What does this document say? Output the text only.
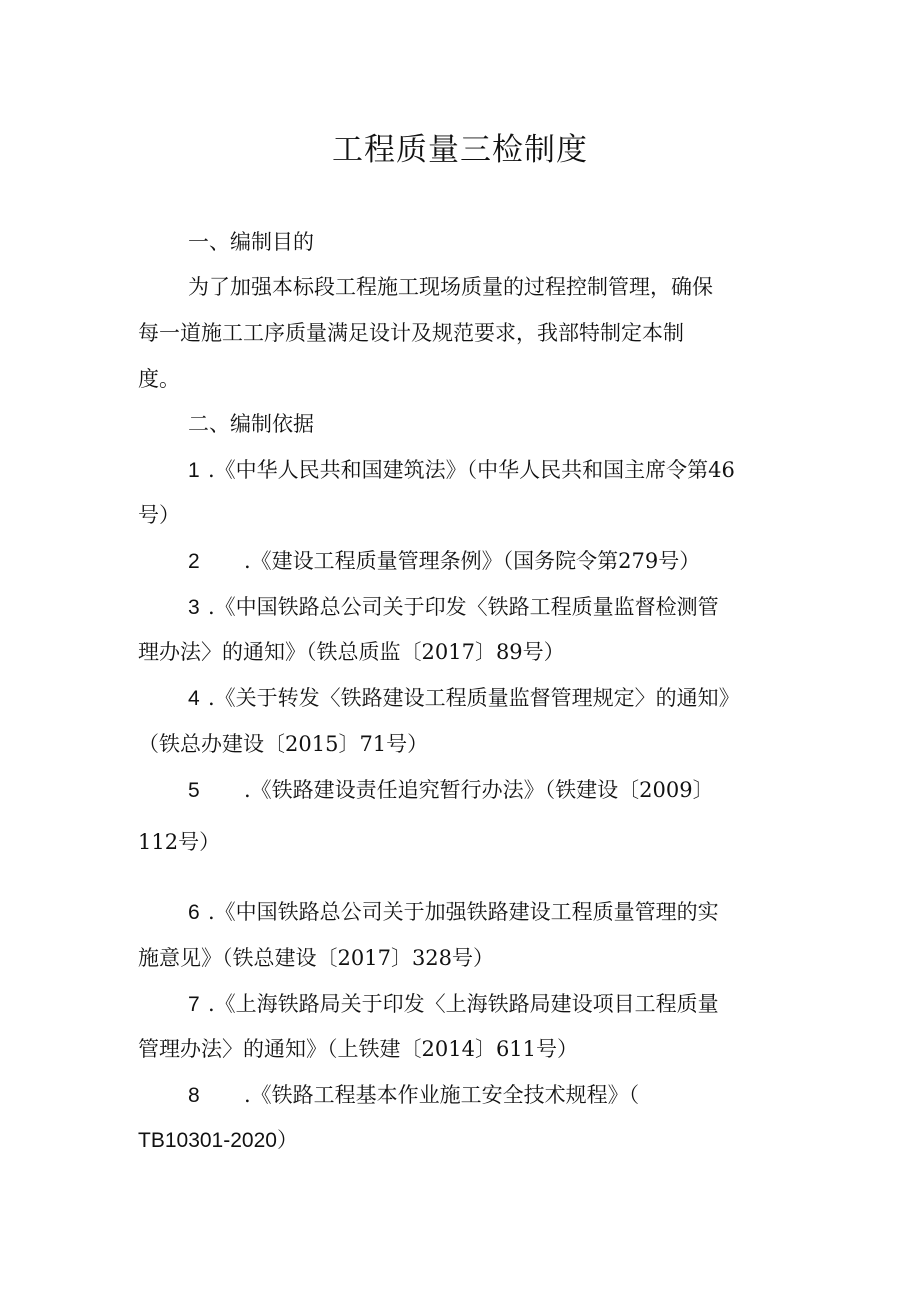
工程质量三检制度
一、编制目的
为了加强本标段工程施工现场质量的过程控制管理，确保
每一道施工工序质量满足设计及规范要求，我部特制定本制
度。
二、编制依据
1 .《中华人民共和国建筑法》（中华人民共和国主席令第46
号）
2 .《建设工程质量管理条例》（国务院令第279号）
3 .《中国铁路总公司关于印发〈铁路工程质量监督检测管
理办法〉的通知》（铁总质监〔2017〕89号）
4 .《关于转发〈铁路建设工程质量监督管理规定〉的通知》
（铁总办建设〔2015〕71号）
5 .《铁路建设责任追究暂行办法》（铁建设〔2009〕
112号）
6 .《中国铁路总公司关于加强铁路建设工程质量管理的实
施意见》（铁总建设〔2017〕328号）
7 .《上海铁路局关于印发〈上海铁路局建设项目工程质量
管理办法〉的通知》（上铁建〔2014〕611号）
8 .《铁路工程基本作业施工安全技术规程》（
TB10301-2020）
